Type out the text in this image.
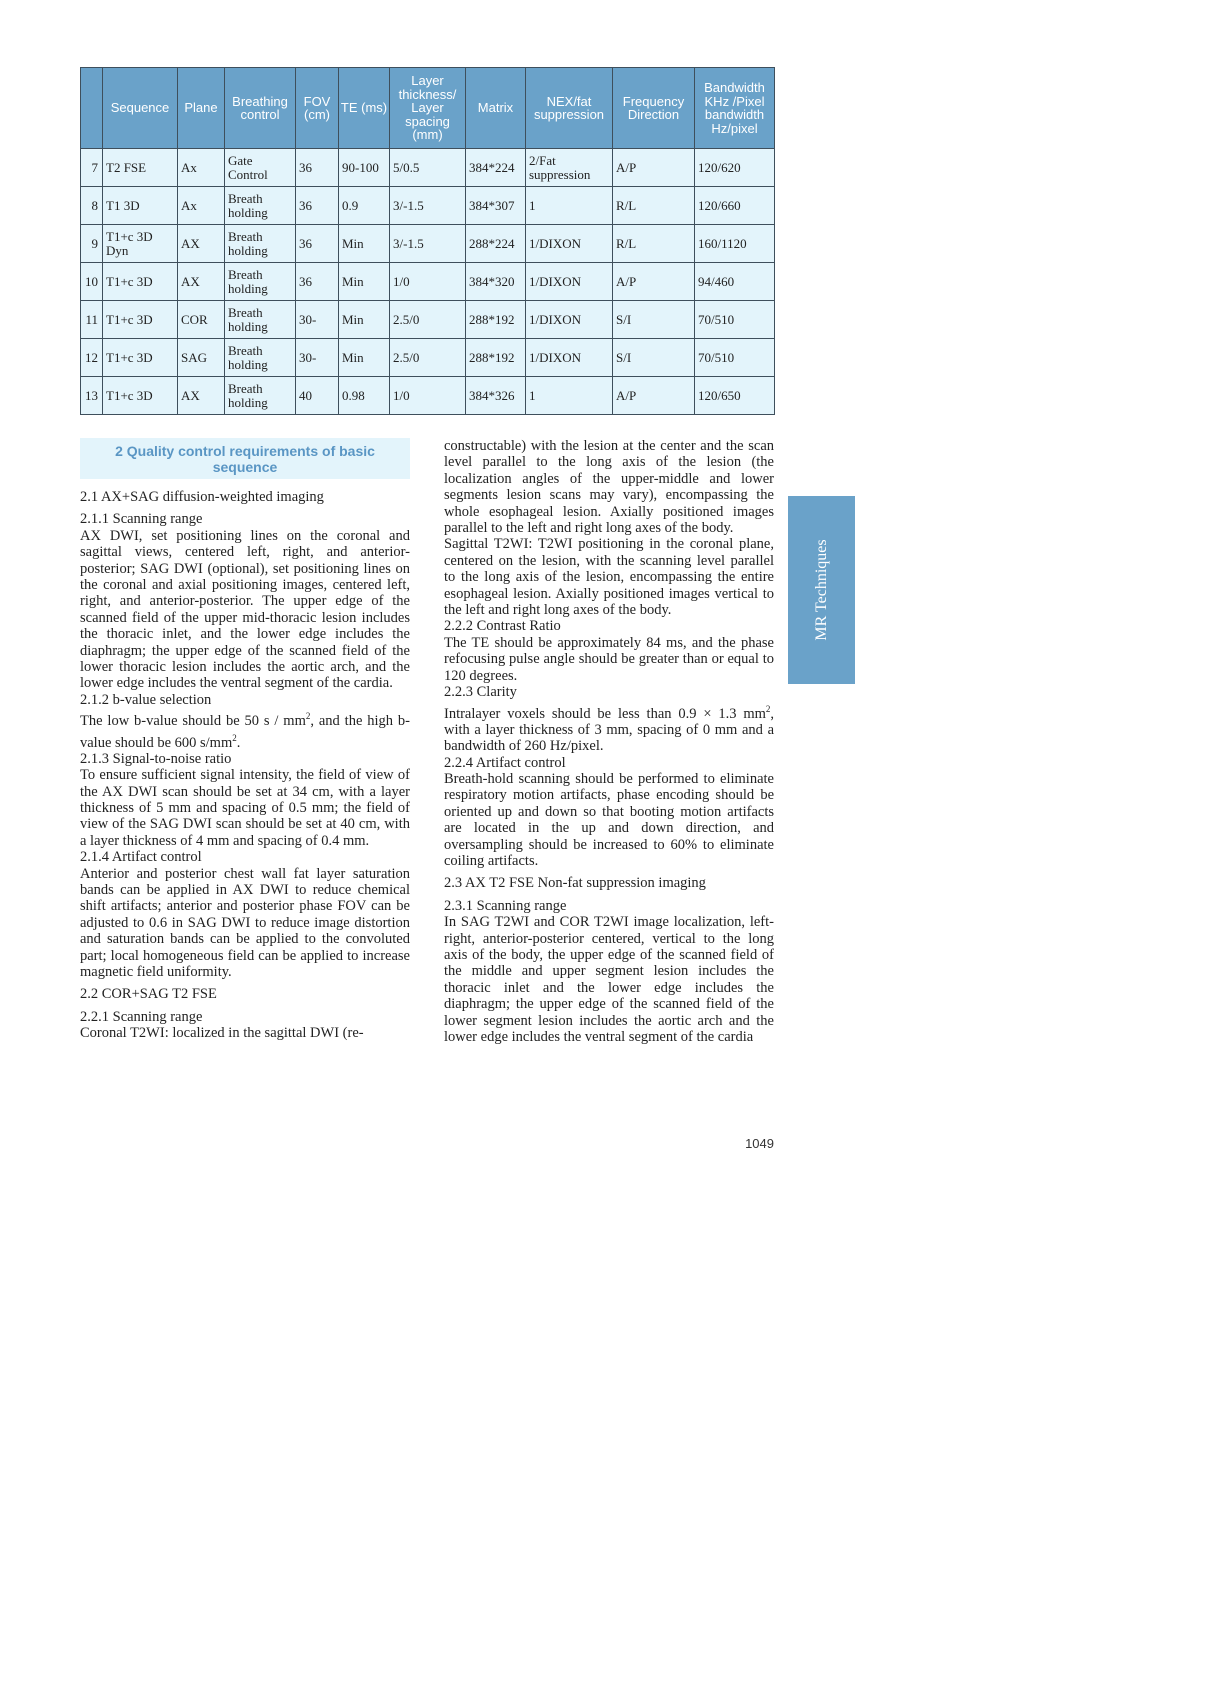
	Sequence	Plane	Breathing control	FOV (cm)	TE (ms)	Layer thickness/ Layer spacing (mm)	Matrix	NEX/fat suppression	Frequency Direction	Bandwidth KHz /Pixel bandwidth Hz/pixel
7	T2 FSE	Ax	Gate Control	36	90-100	5/0.5	384*224	2/Fat suppression	A/P	120/620
8	T1 3D	Ax	Breath holding	36	0.9	3/-1.5	384*307	1	R/L	120/660
9	T1+c 3D Dyn	AX	Breath holding	36	Min	3/-1.5	288*224	1/DIXON	R/L	160/1120
10	T1+c 3D	AX	Breath holding	36	Min	1/0	384*320	1/DIXON	A/P	94/460
11	T1+c 3D	COR	Breath holding	30-	Min	2.5/0	288*192	1/DIXON	S/I	70/510
12	T1+c 3D	SAG	Breath holding	30-	Min	2.5/0	288*192	1/DIXON	S/I	70/510
13	T1+c 3D	AX	Breath holding	40	0.98	1/0	384*326	1	A/P	120/650
2 Quality control requirements of basic sequence

2.1 AX+SAG diffusion-weighted imaging

2.1.1 Scanning range

AX DWI, set positioning lines on the coronal and sagittal views, centered left, right, and anterior-posterior; SAG DWI (optional), set positioning lines on the coronal and axial positioning images, centered left, right, and anterior-posterior. The upper edge of the scanned field of the upper mid-thoracic lesion includes the thoracic inlet, and the lower edge includes the diaphragm; the upper edge of the scanned field of the lower thoracic lesion includes the aortic arch, and the lower edge includes the ventral segment of the cardia.

2.1.2 b-value selection

The low b-value should be 50 s / $mm^2$, and the high b-value should be 600 $s/mm^2$.

2.1.3 Signal-to-noise ratio

To ensure sufficient signal intensity, the field of view of the AX DWI scan should be set at 34 cm, with a layer thickness of 5 mm and spacing of 0.5 mm; the field of view of the SAG DWI scan should be set at 40 cm, with a layer thickness of 4 mm and spacing of 0.4 mm.

2.1.4 Artifact control

Anterior and posterior chest wall fat layer saturation bands can be applied in AX DWI to reduce chemical shift artifacts; anterior and posterior phase FOV can be adjusted to 0.6 in SAG DWI to reduce image distortion and saturation bands can be applied to the convoluted part; local homogeneous field can be applied to increase magnetic field uniformity.

2.2 COR+SAG T2 FSE

2.2.1 Scanning range

Coronal T2WI: localized in the sagittal DWI (re-

constructable) with the lesion at the center and the scan level parallel to the long axis of the lesion (the localization angles of the upper-middle and lower segments lesion scans may vary), encompassing the whole esophageal lesion. Axially positioned images parallel to the left and right long axes of the body.

Sagittal T2WI: T2WI positioning in the coronal plane, centered on the lesion, with the scanning level parallel to the long axis of the lesion, encompassing the entire esophageal lesion. Axially positioned images vertical to the left and right long axes of the body.

2.2.2 Contrast Ratio

The TE should be approximately 84 ms, and the phase refocusing pulse angle should be greater than or equal to 120 degrees.

2.2.3 Clarity

Intralayer voxels should be less than 0.9 × 1.3 $mm^2$, with a layer thickness of 3 mm, spacing of 0 mm and a bandwidth of 260 Hz/pixel.

2.2.4 Artifact control

Breath-hold scanning should be performed to eliminate respiratory motion artifacts, phase encoding should be oriented up and down so that booting motion artifacts are located in the up and down direction, and oversampling should be increased to 60% to eliminate coiling artifacts.

2.3 AX T2 FSE Non-fat suppression imaging

2.3.1 Scanning range

In SAG T2WI and COR T2WI image localization, left-right, anterior-posterior centered, vertical to the long axis of the body, the upper edge of the scanned field of the middle and upper segment lesion includes the thoracic inlet and the lower edge includes the diaphragm; the upper edge of the scanned field of the lower segment lesion includes the aortic arch and the lower edge includes the ventral segment of the cardia

MR Techniques
1049
